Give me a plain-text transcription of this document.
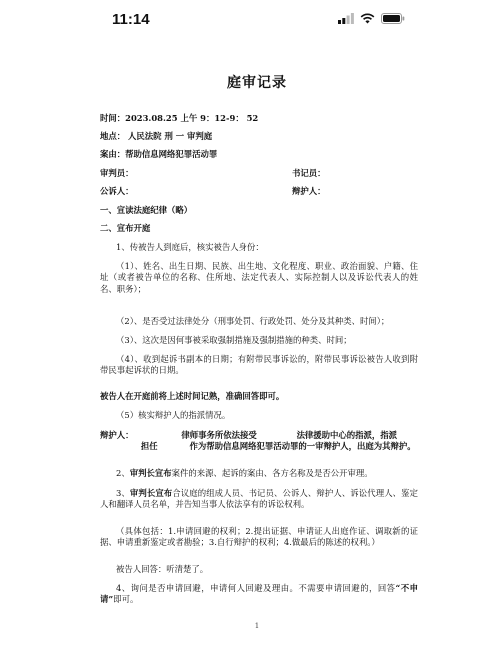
11:14
庭审记录
时间：2023.08.25 上午 9：12-9： 52
地点： 人民法院 刑 一 审判庭
案由：帮助信息网络犯罪活动罪
审判员：	书记员：
公诉人：	辩护人：
一、宣读法庭纪律（略）
二、宣布开庭
1、传被告人到庭后，核实被告人身份：
（1）、姓名、出生日期、民族、出生地、文化程度、职业、政治面貌、户籍、住址（或者被告单位的名称、住所地、法定代表人、实际控制人以及诉讼代表人的姓名、职务）；
（2）、是否受过法律处分（刑事处罚、行政处罚、处分及其种类、时间）；
（3）、这次是因何事被采取强制措施及强制措施的种类、时间；
（4）、收到起诉书副本的日期；有附带民事诉讼的，附带民事诉讼被告人收到附带民事起诉状的日期。
被告人在开庭前将上述时间记熟，准确回答即可。
（5）核实辩护人的指派情况。
辩护人：	律师事务所依法接受	法律援助中心的指派，指派
担任	作为帮助信息网络犯罪活动罪的一审辩护人，出庭为其辩护。
2、审判长宣布案件的来源、起诉的案由、各方名称及是否公开审理。
3、审判长宣布合议庭的组成人员、书记员、公诉人、辩护人、诉讼代理人、鉴定人和翻译人员名单，并告知当事人依法享有的诉讼权利。
（具体包括：1.申请回避的权利；2.提出证据、申请证人出庭作证、调取新的证据、申请重新鉴定或者勘验；3.自行辩护的权利；4.做最后的陈述的权利。）
被告人回答：听清楚了。
4、询问是否申请回避，申请何人回避及理由。不需要申请回避的，回答“不申请”即可。
1
